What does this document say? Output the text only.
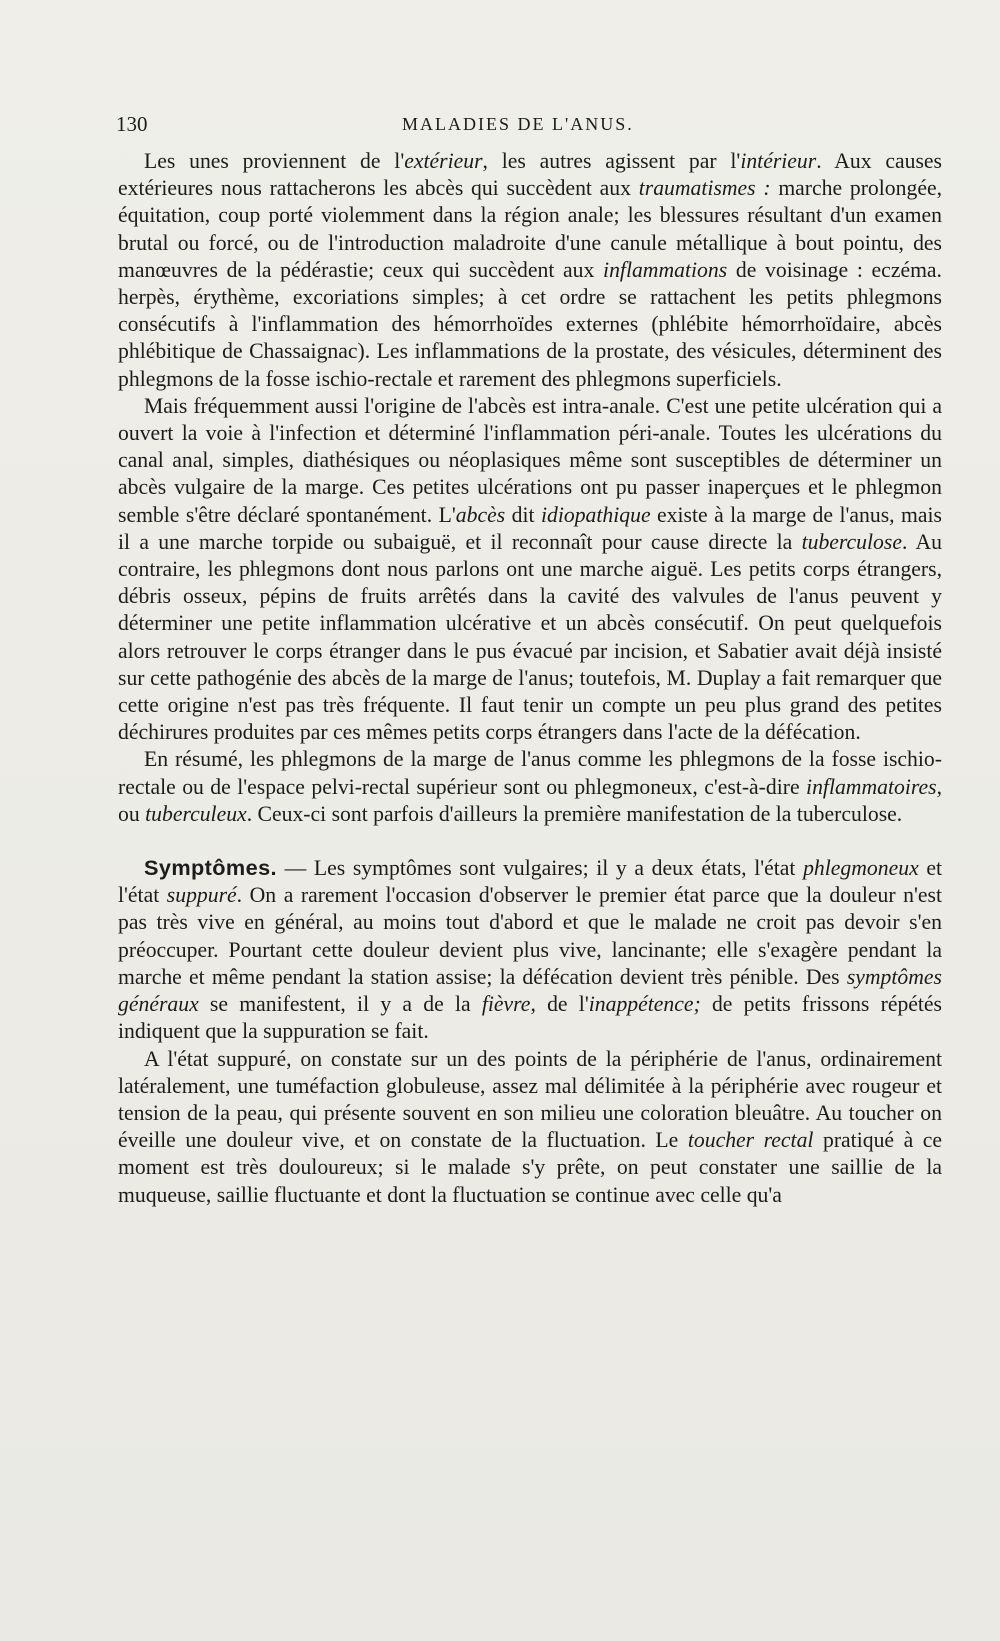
130	MALADIES DE L'ANUS.

Les unes proviennent de l'extérieur, les autres agissent par l'intérieur. Aux causes extérieures nous rattacherons les abcès qui succèdent aux traumatismes : marche prolongée, équitation, coup porté violemment dans la région anale; les blessures résultant d'un examen brutal ou forcé, ou de l'introduction maladroite d'une canule métallique à bout pointu, des manœuvres de la pédérastie; ceux qui succèdent aux inflammations de voisinage : eczéma. herpès, érythème, excoriations simples; à cet ordre se rattachent les petits phlegmons consécutifs à l'inflammation des hémorrhoïdes externes (phlébite hémorrhoïdaire, abcès phlébitique de Chassaignac). Les inflammations de la prostate, des vésicules, déterminent des phlegmons de la fosse ischio-rectale et rarement des phlegmons superficiels.

Mais fréquemment aussi l'origine de l'abcès est intra-anale. C'est une petite ulcération qui a ouvert la voie à l'infection et déterminé l'inflammation péri-anale. Toutes les ulcérations du canal anal, simples, diathésiques ou néoplasiques même sont susceptibles de déterminer un abcès vulgaire de la marge. Ces petites ulcérations ont pu passer inaperçues et le phlegmon semble s'être déclaré spontanément. L'abcès dit idiopathique existe à la marge de l'anus, mais il a une marche torpide ou subaiguë, et il reconnaît pour cause directe la tuberculose. Au contraire, les phlegmons dont nous parlons ont une marche aiguë. Les petits corps étrangers, débris osseux, pépins de fruits arrêtés dans la cavité des valvules de l'anus peuvent y déterminer une petite inflammation ulcérative et un abcès consécutif. On peut quelquefois alors retrouver le corps étranger dans le pus évacué par incision, et Sabatier avait déjà insisté sur cette pathogénie des abcès de la marge de l'anus; toutefois, M. Duplay a fait remarquer que cette origine n'est pas très fréquente. Il faut tenir un compte un peu plus grand des petites déchirures produites par ces mêmes petits corps étrangers dans l'acte de la défécation.

En résumé, les phlegmons de la marge de l'anus comme les phlegmons de la fosse ischio-rectale ou de l'espace pelvi-rectal supérieur sont ou phlegmoneux, c'est-à-dire inflammatoires, ou tuberculeux. Ceux-ci sont parfois d'ailleurs la première manifestation de la tuberculose.

Symptômes. — Les symptômes sont vulgaires; il y a deux états, l'état phlegmoneux et l'état suppuré. On a rarement l'occasion d'observer le premier état parce que la douleur n'est pas très vive en général, au moins tout d'abord et que le malade ne croit pas devoir s'en préoccuper. Pourtant cette douleur devient plus vive, lancinante; elle s'exagère pendant la marche et même pendant la station assise; la défécation devient très pénible. Des symptômes généraux se manifestent, il y a de la fièvre, de l'inappétence; de petits frissons répétés indiquent que la suppuration se fait.

A l'état suppuré, on constate sur un des points de la périphérie de l'anus, ordinairement latéralement, une tuméfaction globuleuse, assez mal délimitée à la périphérie avec rougeur et tension de la peau, qui présente souvent en son milieu une coloration bleuâtre. Au toucher on éveille une douleur vive, et on constate de la fluctuation. Le toucher rectal pratiqué à ce moment est très douloureux; si le malade s'y prête, on peut constater une saillie de la muqueuse, saillie fluctuante et dont la fluctuation se continue avec celle qu'a
